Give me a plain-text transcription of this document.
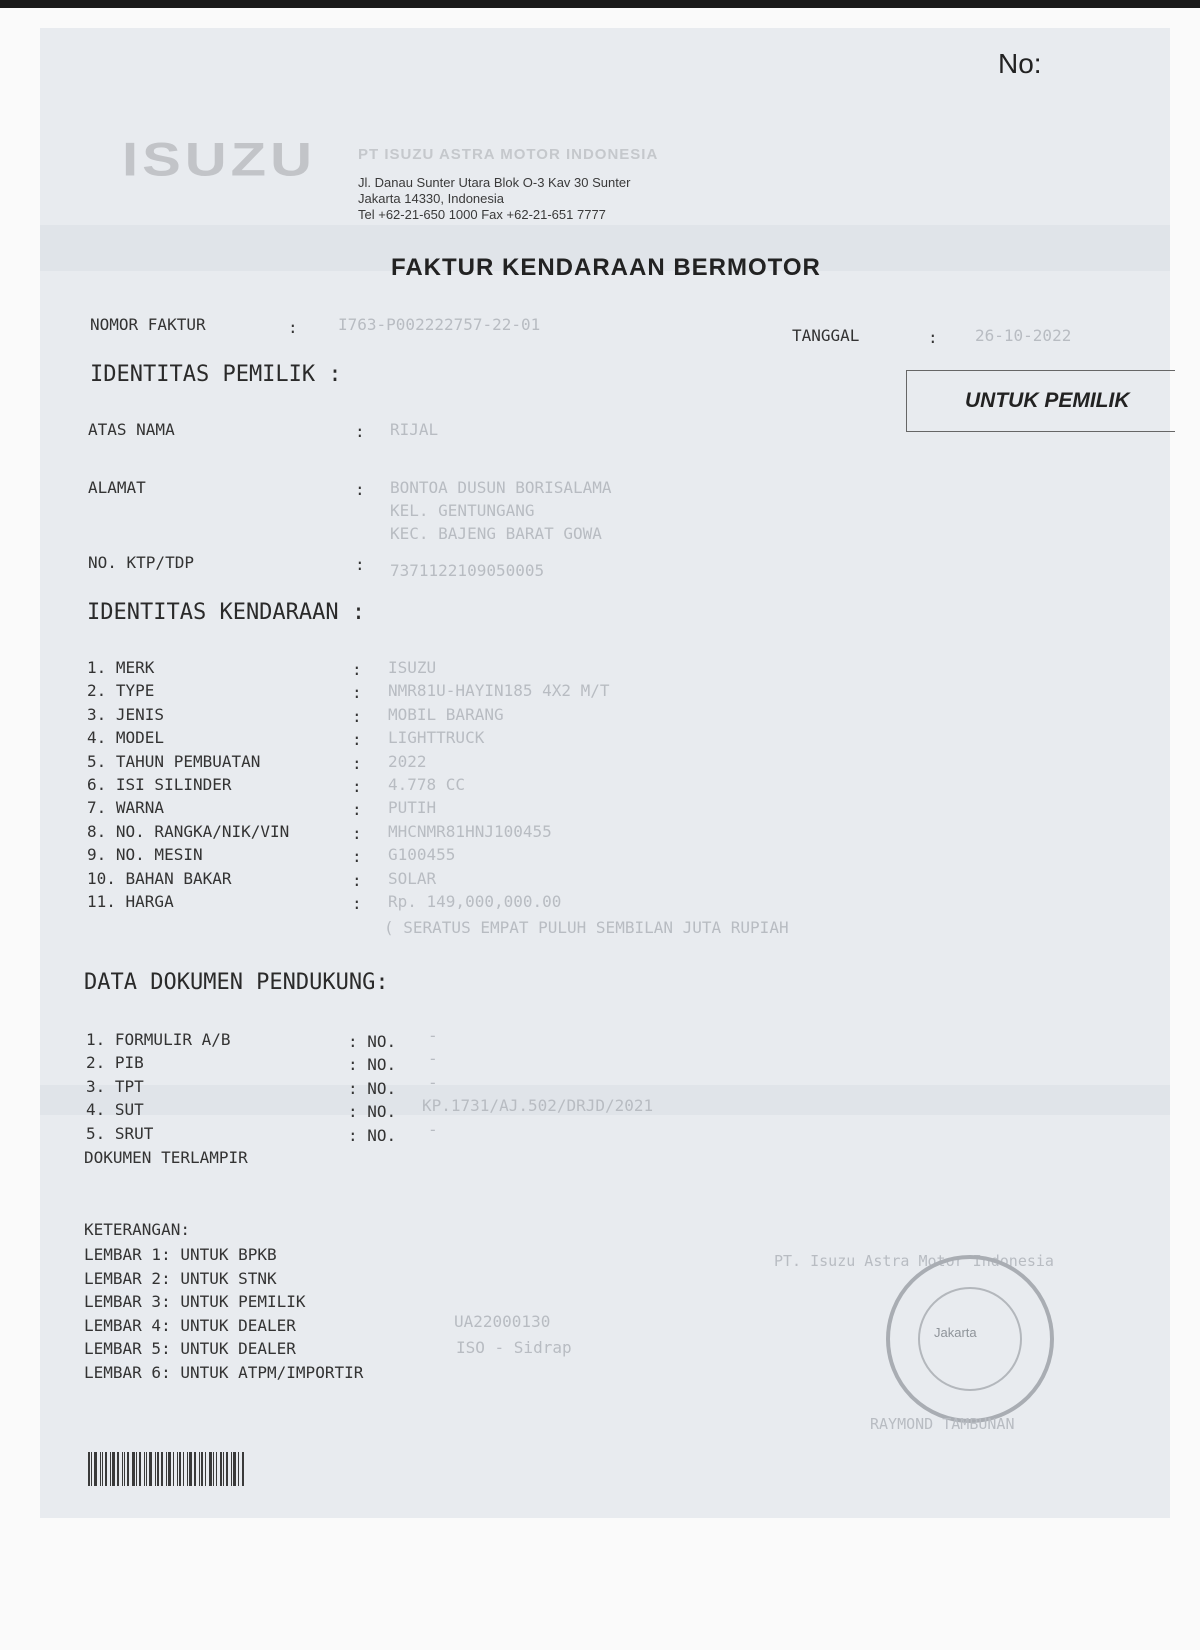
No:
ISUZU	PT ISUZU ASTRA MOTOR INDONESIA
Jl. Danau Sunter Utara Blok O-3 Kav 30 Sunter
Jakarta 14330, Indonesia
Tel +62-21-650 1000 Fax +62-21-651 7777
FAKTUR KENDARAAN BERMOTOR
NOMOR FAKTUR	:	I763-P002222757-22-01
TANGGAL	: 26-10-2022
UNTUK PEMILIK
IDENTITAS PEMILIK :
ATAS NAMA	: RIJAL
ALAMAT	: BONTOA DUSUN BORISALAMA
KEL. GENTUNGANG
KEC. BAJENG BARAT GOWA
NO. KTP/TDP	: 7371122109050005
IDENTITAS KENDARAAN :
1. MERK	: ISUZU
2. TYPE	: NMR81U-HAYIN185 4X2 M/T
3. JENIS	: MOBIL BARANG
4. MODEL	: LIGHTTRUCK
5. TAHUN PEMBUATAN	: 2022
6. ISI SILINDER	: 4.778 CC
7. WARNA	: PUTIH
8. NO. RANGKA/NIK/VIN	: MHCNMR81HNJ100455
9. NO. MESIN	: G100455
10. BAHAN BAKAR	: SOLAR
11. HARGA	: Rp. 149,000,000.00
( SERATUS EMPAT PULUH SEMBILAN JUTA RUPIAH
DATA DOKUMEN PENDUKUNG:
1. FORMULIR A/B	: NO. -
2. PIB	: NO. -
3. TPT	: NO. -
4. SUT	: NO. KP.1731/AJ.502/DRJD/2021
5. SRUT	: NO. -
DOKUMEN TERLAMPIR
KETERANGAN:
LEMBAR 1: UNTUK BPKB
LEMBAR 2: UNTUK STNK
LEMBAR 3: UNTUK PEMILIK
LEMBAR 4: UNTUK DEALER
LEMBAR 5: UNTUK DEALER
LEMBAR 6: UNTUK ATPM/IMPORTIR
UA22000130
ISO - Sidrap
PT. Isuzu Astra Motor Indonesia
Jakarta
RAYMOND TAMBUNAN
